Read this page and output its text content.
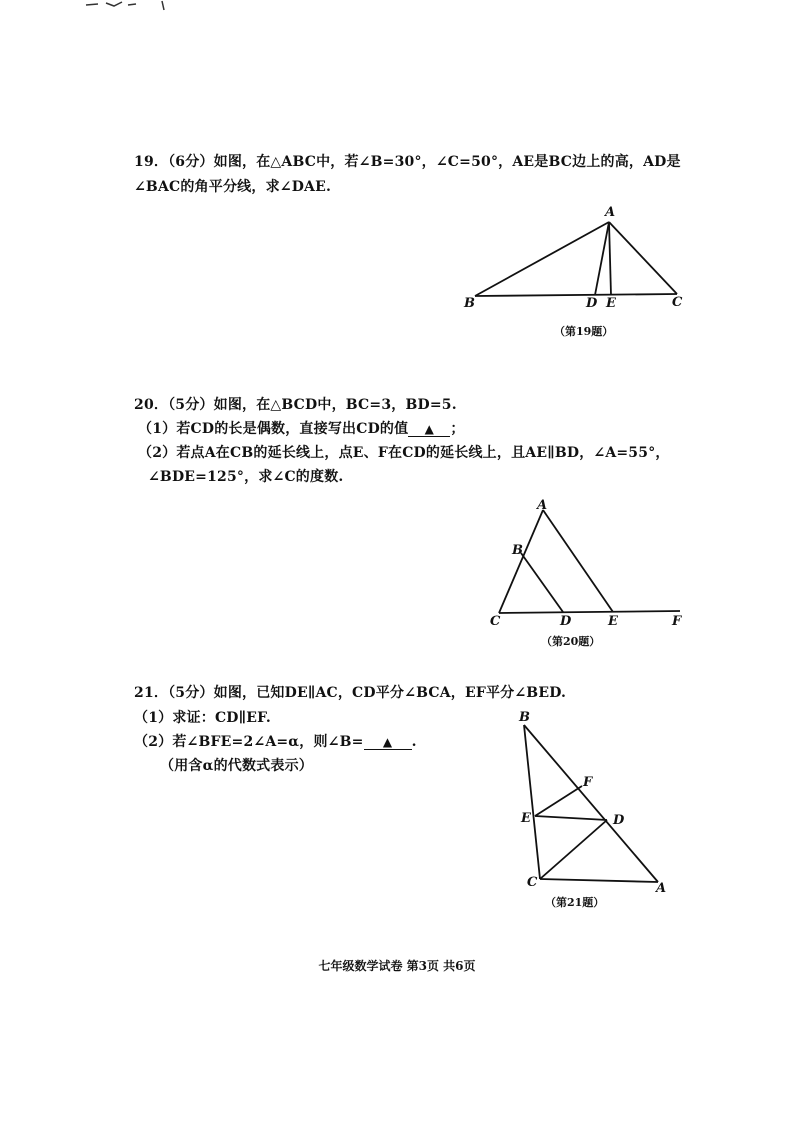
19．（6分）如图，在△ABC中，若∠B=30°，∠C=50°，AE是BC边上的高，AD是
∠BAC的角平分线，求∠DAE.
A
B	C
D E
（第19题）
20．（5分）如图，在△BCD中，BC=3，BD=5.
（1）若CD的长是偶数，直接写出CD的值 ▲ ；
（2）若点A在CB的延长线上，点E、F在CD的延长线上，且AE∥BD，∠A=55°，
∠BDE=125°，求∠C的度数.
A
B
C	D	E	F
（第20题）
21．（5分）如图，已知DE∥AC，CD平分∠BCA，EF平分∠BED.
（1）求证：CD∥EF.
（2）若∠BFE=2∠A=α，则∠B= ▲ .
（用含α的代数式表示）
B
F
E	D
C	A
（第21题）
七年级数学试卷 第3页 共6页
